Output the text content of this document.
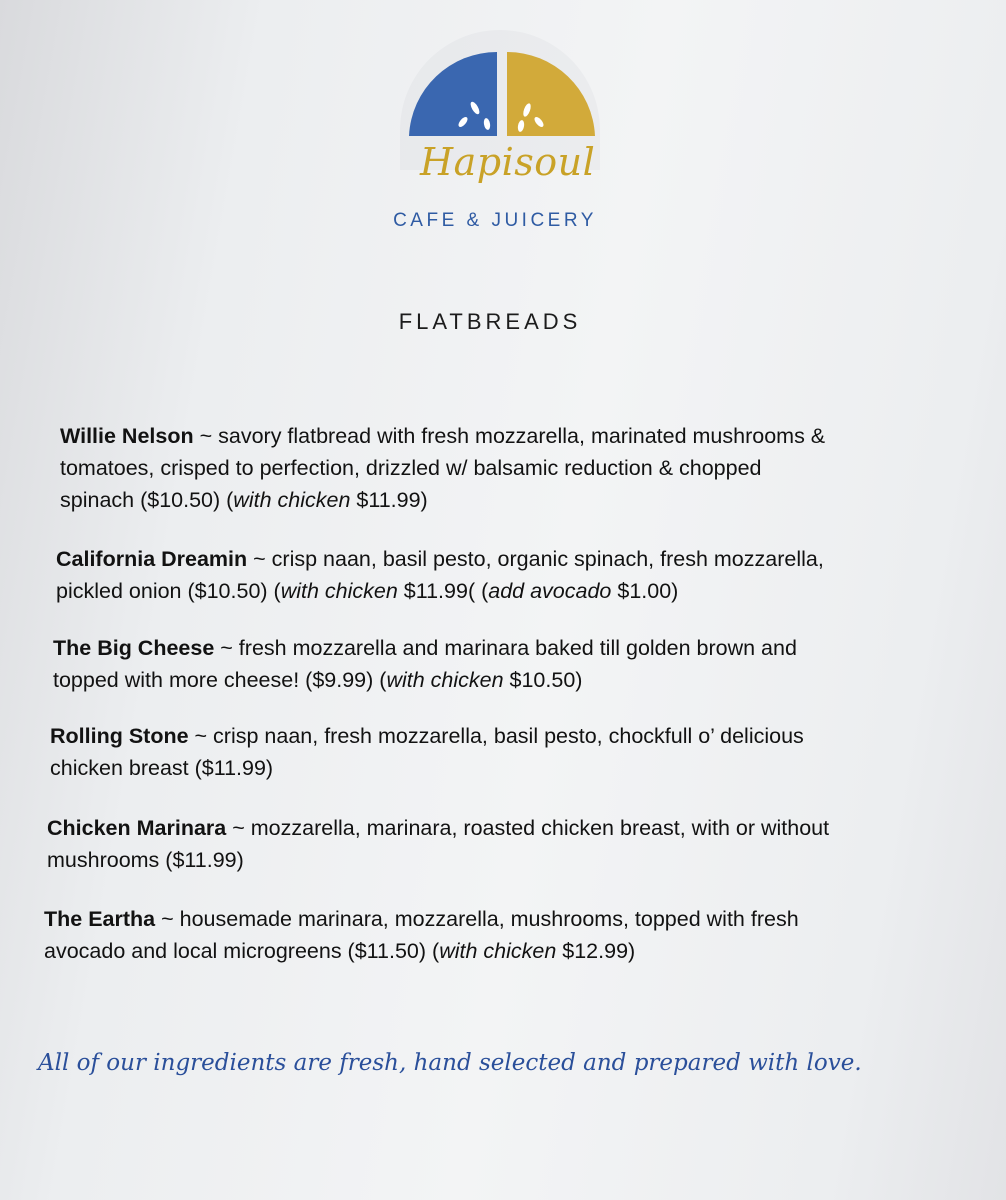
Hapisoul
CAFE & JUICERY
FLATBREADS
Willie Nelson ~ savory flatbread with fresh mozzarella, marinated mushrooms &
tomatoes, crisped to perfection, drizzled w/ balsamic reduction & chopped
spinach ($10.50) (with chicken $11.99)
California Dreamin ~ crisp naan, basil pesto, organic spinach, fresh mozzarella,
pickled onion ($10.50) (with chicken $11.99( (add avocado $1.00)
The Big Cheese ~ fresh mozzarella and marinara baked till golden brown and
topped with more cheese! ($9.99) (with chicken $10.50)
Rolling Stone ~ crisp naan, fresh mozzarella, basil pesto, chockfull o’ delicious
chicken breast ($11.99)
Chicken Marinara ~ mozzarella, marinara, roasted chicken breast, with or without
mushrooms ($11.99)
The Eartha ~ housemade marinara, mozzarella, mushrooms, topped with fresh
avocado and local microgreens ($11.50) (with chicken $12.99)
All of our ingredients are fresh, hand selected and prepared with love.
